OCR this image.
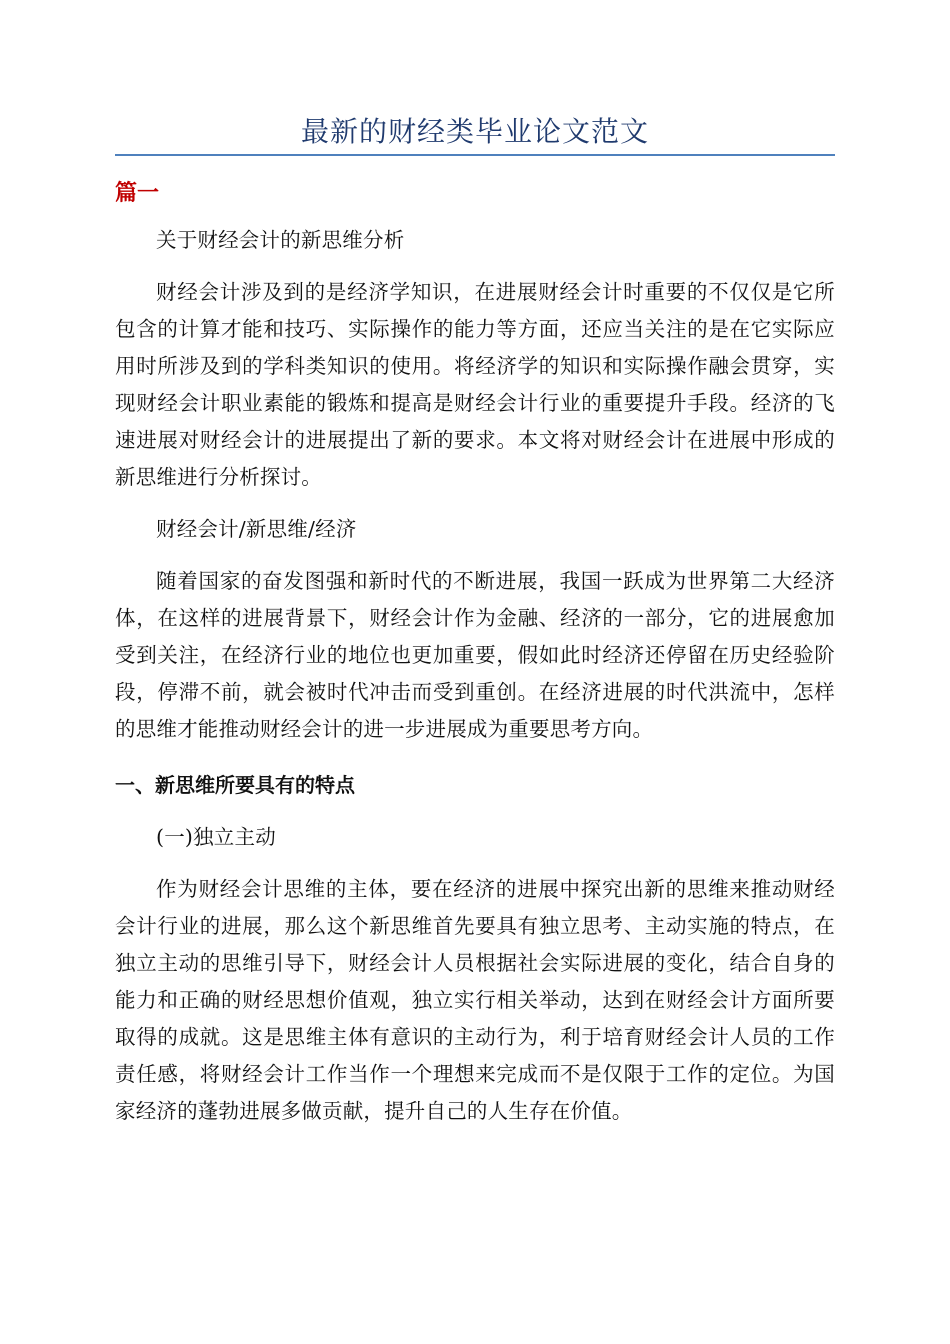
最新的财经类毕业论文范文
篇一

关于财经会计的新思维分析

财经会计涉及到的是经济学知识，在进展财经会计时重要的不仅仅是它所包含的计算才能和技巧、实际操作的能力等方面，还应当关注的是在它实际应用时所涉及到的学科类知识的使用。将经济学的知识和实际操作融会贯穿，实现财经会计职业素能的锻炼和提高是财经会计行业的重要提升手段。经济的飞速进展对财经会计的进展提出了新的要求。本文将对财经会计在进展中形成的新思维进行分析探讨。

财经会计/新思维/经济

随着国家的奋发图强和新时代的不断进展，我国一跃成为世界第二大经济体，在这样的进展背景下，财经会计作为金融、经济的一部分，它的进展愈加受到关注，在经济行业的地位也更加重要，假如此时经济还停留在历史经验阶段，停滞不前，就会被时代冲击而受到重创。在经济进展的时代洪流中，怎样的思维才能推动财经会计的进一步进展成为重要思考方向。

一、新思维所要具有的特点

(一)独立主动

作为财经会计思维的主体，要在经济的进展中探究出新的思维来推动财经会计行业的进展，那么这个新思维首先要具有独立思考、主动实施的特点，在独立主动的思维引导下，财经会计人员根据社会实际进展的变化，结合自身的能力和正确的财经思想价值观，独立实行相关举动，达到在财经会计方面所要取得的成就。这是思维主体有意识的主动行为，利于培育财经会计人员的工作责任感，将财经会计工作当作一个理想来完成而不是仅限于工作的定位。为国家经济的蓬勃进展多做贡献，提升自己的人生存在价值。
